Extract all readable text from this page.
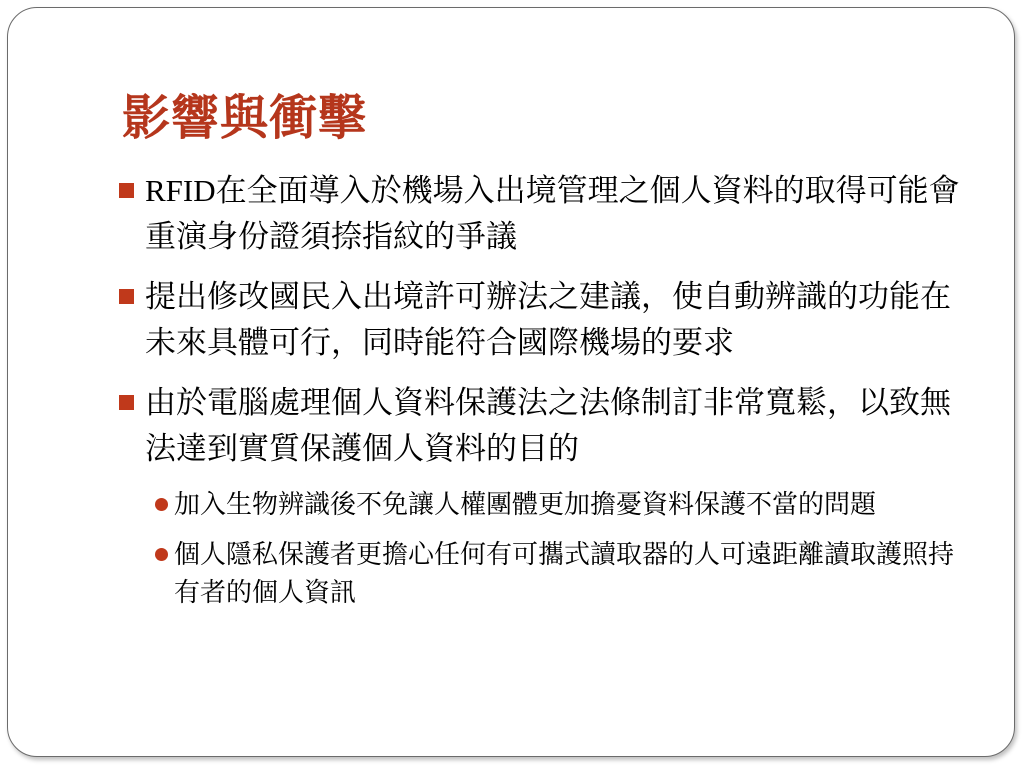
影響與衝擊
RFID在全面導入於機場入出境管理之個人資料的取得可能會重演身份證須捺指紋的爭議
提出修改國民入出境許可辦法之建議，使自動辨識的功能在未來具體可行，同時能符合國際機場的要求
由於電腦處理個人資料保護法之法條制訂非常寬鬆，以致無法達到實質保護個人資料的目的
加入生物辨識後不免讓人權團體更加擔憂資料保護不當的問題
個人隱私保護者更擔心任何有可攜式讀取器的人可遠距離讀取護照持有者的個人資訊
